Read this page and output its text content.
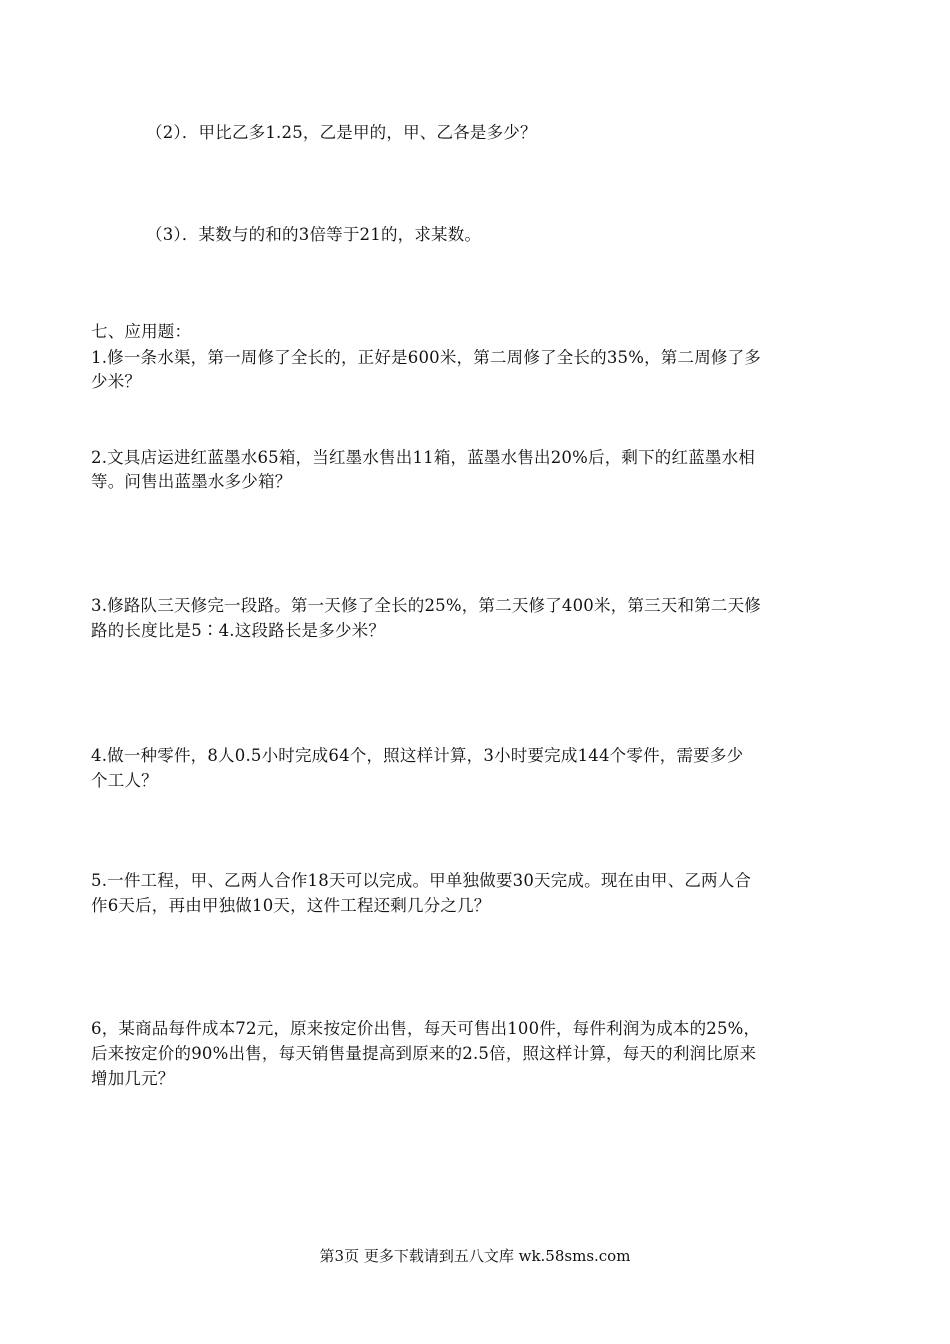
（2）．甲比乙多1.25，乙是甲的，甲、乙各是多少？
（3）．某数与的和的3倍等于21的，求某数。
七、应用题：
1.修一条水渠，第一周修了全长的，正好是600米，第二周修了全长的35%，第二周修了多
少米？
2.文具店运进红蓝墨水65箱，当红墨水售出11箱，蓝墨水售出20%后，剩下的红蓝墨水相
等。问售出蓝墨水多少箱？
3.修路队三天修完一段路。第一天修了全长的25%，第二天修了400米，第三天和第二天修
路的长度比是5∶4.这段路长是多少米？
4.做一种零件，8人0.5小时完成64个，照这样计算，3小时要完成144个零件，需要多少
个工人？
5.一件工程，甲、乙两人合作18天可以完成。甲单独做要30天完成。现在由甲、乙两人合
作6天后，再由甲独做10天，这件工程还剩几分之几？
6，某商品每件成本72元，原来按定价出售，每天可售出100件，每件利润为成本的25%，
后来按定价的90%出售，每天销售量提高到原来的2.5倍，照这样计算，每天的利润比原来
增加几元？
第3页 更多下载请到五八文库 wk.58sms.com
